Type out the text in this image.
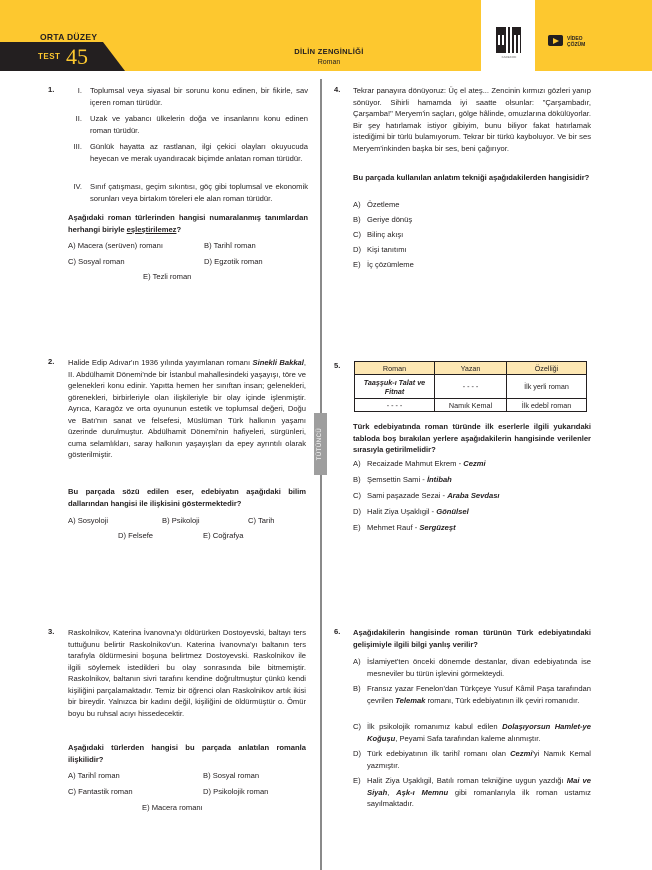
ORTA DÜZEY
TEST 45	DİLİN ZENGİNLİĞİ
Roman
KAREKOD
VİDEO
ÇÖZÜM
TÜTÜNCÜ
1.	I. Toplumsal veya siyasal bir sorunu konu edinen, bir fikirle, sav içeren roman türüdür.
II. Uzak ve yabancı ülkelerin doğa ve insanlarını konu edinen roman türüdür.
III. Günlük hayatta az rastlanan, ilgi çekici olayları okuyucuda heyecan ve merak uyandıracak biçimde anlatan roman türüdür.
IV. Sınıf çatışması, geçim sıkıntısı, göç gibi toplumsal ve ekonomik sorunları veya birtakım töreleri ele alan roman türüdür.
Aşağıdaki roman türlerinden hangisi numaralanmış tanımlardan herhangi biriyle eşleştirilemez?
A) Macera (serüven) romanı	B) Tarihî roman
C) Sosyal roman	D) Egzotik roman
E) Tezli roman
2. Halide Edip Adıvar'ın 1936 yılında yayımlanan romanı Sinekli Bakkal, II. Abdülhamit Dönemi'nde bir İstanbul mahallesindeki yaşayışı, töre ve gelenekleri konu edinir. Yapıtta hemen her sınıftan insan; gelenekleri, görenekleri, birbirleriyle olan ilişkileriyle bir olay içinde işlenmiştir. Ayrıca, Karagöz ve orta oyununun estetik ve toplumsal değeri, Doğu ve Batı'nın sanat ve felsefesi, Müslüman Türk halkının yaşamı üzerinde durulmuştur. Abdülhamit Dönemi'nin hafiyeleri, sürgünleri, cuma selamlıkları, saray halkının yaşayışları da epey ayrıntılı olarak gösterilmiştir.
Bu parçada sözü edilen eser, edebiyatın aşağıdaki bilim dallarından hangisi ile ilişkisini göstermektedir?
A) Sosyoloji	B) Psikoloji	C) Tarih
D) Felsefe	E) Coğrafya
3. Raskolnikov, Katerina İvanovna'yı öldürürken Dostoyevski, baltayı ters tuttuğunu belirtir Raskolnikov'un. Katerina İvanovna'yı baltanın ters tarafıyla öldürmesini boşuna belirtmez Dostoyevski. Raskolnikov ile ilgili söylemek istedikleri bu olay sonrasında bile bitmemiştir. Raskolnikov, baltanın sivri tarafını kendine doğrultmuştur çünkü kendi kişiliğini parçalamaktadır. Temiz bir öğrenci olan Raskolnikov artık ikisi bir bireydir. Yalnızca bir kadını değil, kişiliğini de öldürmüştür o. Ömür boyu bu ruhsal acıyı hissedecektir.
Aşağıdaki türlerden hangisi bu parçada anlatılan romanla ilişkilidir?
A) Tarihî roman	B) Sosyal roman
C) Fantastik roman	D) Psikolojik roman
E) Macera romanı
4. Tekrar panayıra dönüyoruz: Üç el ateş... Zencinin kırmızı gözleri yanıp sönüyor. Sihirli hamamda iyi saatte olsunlar: "Çarşambadır, Çarşamba!" Meryem'in saçları, gölge hâlinde, omuzlarına dökülüyorlar. Bir şey hatırlamak istiyor gibiyim, bunu biliyor fakat hatırlamak istediğimi bir türlü bulamıyorum. Tekrar bir türkü kayboluyor. Ve bir ses Meryem'inkinden başka bir ses, beni çağırıyor.
Bu parçada kullanılan anlatım tekniği aşağıdakilerden hangisidir?
A) Özetleme
B) Geriye dönüş
C) Bilinç akışı
D) Kişi tanıtımı
E) İç çözümleme
5.	Roman	Yazan	Özelliği
Taaşşuk-ı Talat ve Fitnat	- - - -	İlk yerli roman
- - - -	Namık Kemal	İlk edebî roman
Türk edebiyatında roman türünde ilk eserlerle ilgili yukarıdaki tabloda boş bırakılan yerlere aşağıdakilerin hangisinde verilenler sırasıyla getirilmelidir?
A) Recaizade Mahmut Ekrem - Cezmi
B) Şemsettin Sami - İntibah
C) Sami paşazade Sezai - Araba Sevdası
D) Halit Ziya Uşaklıgil - Gönülsel
E) Mehmet Rauf - Sergüzeşt
6. Aşağıdakilerin hangisinde roman türünün Türk edebiyatındaki gelişimiyle ilgili bilgi yanlış verilir?
A) İslamiyet'ten önceki dönemde destanlar, divan edebiyatında ise mesneviler bu türün işlevini görmekteydi.
B) Fransız yazar Fenelon'dan Türkçeye Yusuf Kâmil Paşa tarafından çevrilen Telemak romanı, Türk edebiyatının ilk çeviri romanıdır.
C) İlk psikolojik romanımız kabul edilen Dolaşıyorsun Hamlet-ye Koğuşu, Peyami Safa tarafından kaleme alınmıştır.
D) Türk edebiyatının ilk tarihî romanı olan Cezmi'yi Namık Kemal yazmıştır.
E) Halit Ziya Uşaklıgil, Batılı roman tekniğine uygun yazdığı Mai ve Siyah, Aşk-ı Memnu gibi romanlarıyla ilk roman ustamız sayılmaktadır.
